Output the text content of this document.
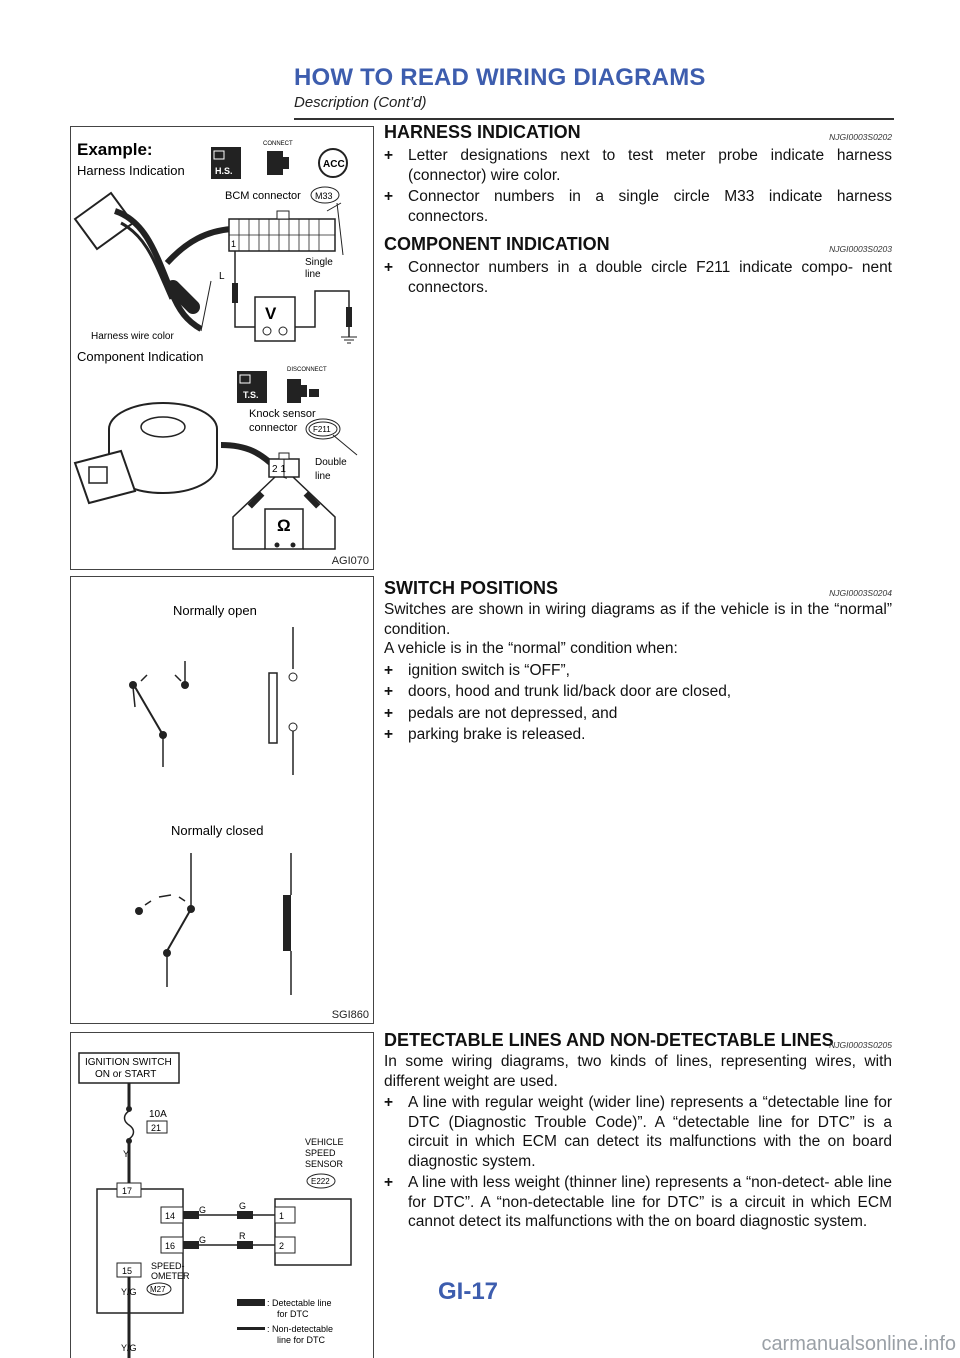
HOW TO READ WIRING DIAGRAMS
Description (Cont’d)
Example:
Harness Indication	H.S.
CONNECT
ACC
BCM connector M33
1
Single
line
L
V
Harness wire color
Component Indication
T.S.
DISCONNECT
Knock sensor
connector F211
2 1
Double
line
Ω
AGI070
Normally open
Normally closed
SGI860
IGNITION SWITCH
ON or START
10A
21
Y
17
14
16
15
G	G
G	R
VEHICLE
SPEED
SENSOR
E222
1
2
SPEED-
OMETER
M27
Y/G
Y/G
: Detectable line
for DTC
: Non-detectable
line for DTC
HARNESS INDICATION	NJGI0003S0202
+ Letter designations next to test meter probe indicate harness (connector) wire color.
+ Connector numbers in a single circle M33 indicate harness connectors.
COMPONENT INDICATION	NJGI0003S0203
+ Connector numbers in a double circle F211 indicate compo- nent connectors.
SWITCH POSITIONS	NJGI0003S0204

Switches are shown in wiring diagrams as if the vehicle is in the “normal” condition.

A vehicle is in the “normal” condition when:

+ ignition switch is “OFF”,
+ doors, hood and trunk lid/back door are closed,
+ pedals are not depressed, and
+ parking brake is released.
DETECTABLE LINES AND NON-DETECTABLE LINES
NJGI0003S0205

In some wiring diagrams, two kinds of lines, representing wires, with different weight are used.

+ A line with regular weight (wider line) represents a “detectable line for DTC (Diagnostic Trouble Code)”. A “detectable line for DTC” is a circuit in which ECM can detect its malfunctions with the on board diagnostic system.
+ A line with less weight (thinner line) represents a “non-detect- able line for DTC”. A “non-detectable line for DTC” is a circuit in which ECM cannot detect its malfunctions with the on board diagnostic system.
GI-17
carmanualsonline.info
